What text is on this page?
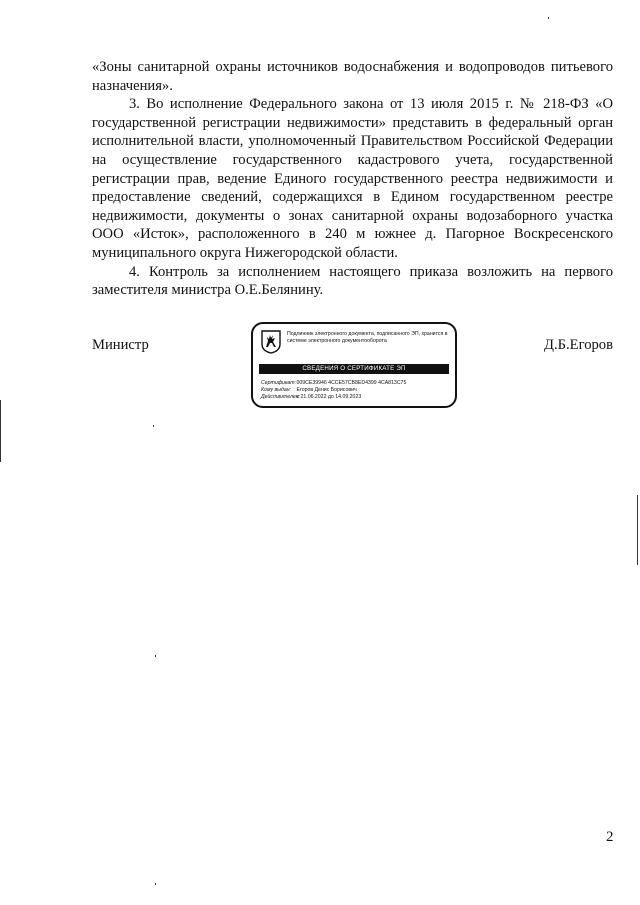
«Зоны санитарной охраны источников водоснабжения и водопроводов питьевого назначения».

3. Во исполнение Федерального закона от 13 июля 2015 г. № 218-ФЗ «О государственной регистрации недвижимости» представить в федеральный орган исполнительной власти, уполномоченный Правительством Российской Федерации на осуществление государственного кадастрового учета, государственной регистрации прав, ведение Единого государственного реестра недвижимости и предоставление сведений, содержащихся в Едином государственном реестре недвижимости, документы о зонах санитарной охраны водозаборного участка ООО «Исток», расположенного в 240 м южнее д. Пагорное Воскресенского муниципального округа Нижегородской области.

4. Контроль за исполнением настоящего приказа возложить на первого заместителя министра О.Е.Белянину.

Министр	Д.Б.Егоров
Подлинник электронного документа, подписанного ЭП, хранится в системе электронного документооборота
СВЕДЕНИЯ О СЕРТИФИКАТЕ ЭП
Сертификат: 009CE39946 4CCE57CB8ED4399 4CA813C75
Кому выдан: Егоров Денис Борисович
Действителен: с 21.06.2022 до 14.09.2023
2
